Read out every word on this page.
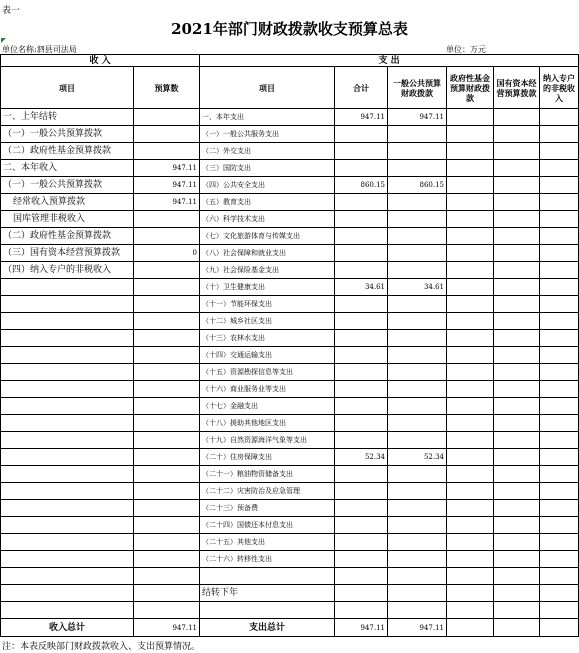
表一
2021年部门财政拨款收支预算总表
单位名称:泗县司法局	单位：万元
收 入		支 出					
项目	预算数	项目	合计	一般公共预算财政拨款	政府性基金预算财政拨款	国有资本经营预算拨款	纳入专户的非税收入
一、上年结转		一、本年支出	947.11	947.11			
（一）一般公共预算拨款		（一）一般公共服务支出					
（二）政府性基金预算拨款		（二）外交支出					
二、本年收入	947.11	（三）国防支出					
（一）一般公共预算拨款	947.11	（四）公共安全支出	860.15	860.15			
经常收入预算拨款	947.11	（五）教育支出					
国库管理非税收入		（六）科学技术支出					
（二）政府性基金预算拨款		（七）文化旅游体育与传媒支出					
（三）国有资本经营预算拨款	0	（八）社会保障和就业支出					
（四）纳入专户的非税收入		（九）社会保险基金支出					
		（十）卫生健康支出	34.61	34.61			
		（十一）节能环保支出					
		（十二）城乡社区支出					
		（十三）农林水支出					
		（十四）交通运输支出					
		（十五）资源勘探信息等支出					
		（十六）商业服务业等支出					
		（十七）金融支出					
		（十八）援助其他地区支出					
		（十九）自然资源海洋气象等支出					
		（二十）住房保障支出	52.34	52.34			
		（二十一）粮油物资储备支出					
		（二十二）灾害防治及应急管理					
		（二十三）预备费					
		（二十四）国债还本付息支出					
		（二十五）其他支出					
		（二十六）转移性支出					

		结转下年					

收入总计	947.11	支出总计	947.11	947.11			
注：本表反映部门财政拨款收入、支出预算情况。
